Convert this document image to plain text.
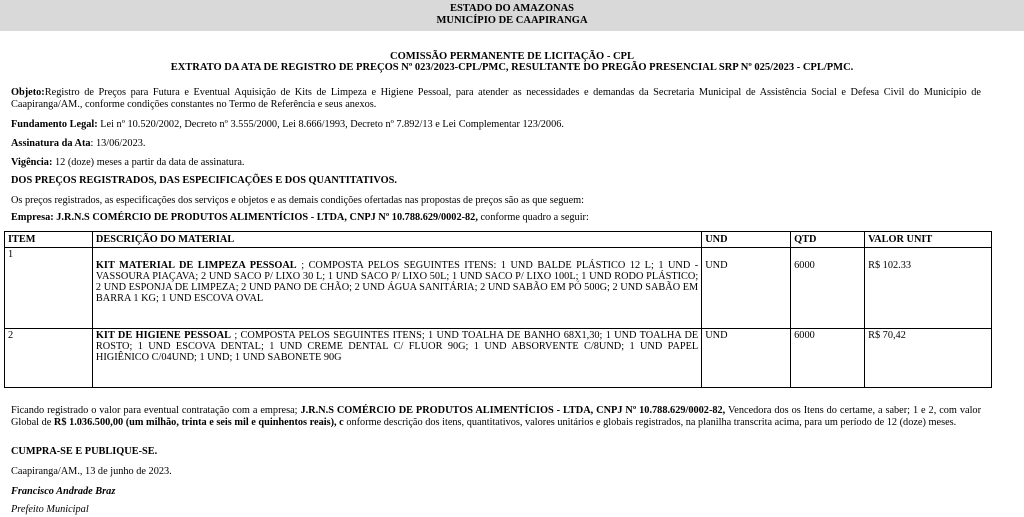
ESTADO DO AMAZONAS
MUNICÍPIO DE CAAPIRANGA
COMISSÃO PERMANENTE DE LICITAÇÃO - CPL
EXTRATO DA ATA DE REGISTRO DE PREÇOS Nº 023/2023-CPL/PMC, RESULTANTE DO PREGÃO PRESENCIAL SRP Nº 025/2023 - CPL/PMC.
Objeto:Registro de Preços para Futura e Eventual Aquisição de Kits de Limpeza e Higiene Pessoal, para atender as necessidades e demandas da Secretaria Municipal de Assistência Social e Defesa Civil do Município de Caapiranga/AM., conforme condições constantes no Termo de Referência e seus anexos.
Fundamento Legal: Lei nº 10.520/2002, Decreto nº 3.555/2000, Lei 8.666/1993, Decreto nº 7.892/13 e Lei Complementar 123/2006.
Assinatura da Ata: 13/06/2023.
Vigência: 12 (doze) meses a partir da data de assinatura.
DOS PREÇOS REGISTRADOS, DAS ESPECIFICAÇÕES E DOS QUANTITATIVOS.
Os preços registrados, as especificações dos serviços e objetos e as demais condições ofertadas nas propostas de preços são as que seguem:
Empresa: J.R.N.S COMÉRCIO DE PRODUTOS ALIMENTÍCIOS - LTDA, CNPJ Nº 10.788.629/0002-82, conforme quadro a seguir:
ITEM	DESCRIÇÃO DO MATERIAL	UND	QTD	VALOR UNIT
1	KIT MATERIAL DE LIMPEZA PESSOAL ; COMPOSTA PELOS SEGUINTES ITENS: 1 UND BALDE PLÁSTICO 12 L; 1 UND - VASSOURA PIAÇAVA; 2 UND SACO P/ LIXO 30 L; 1 UND SACO P/ LIXO 50L; 1 UND SACO P/ LIXO 100L; 1 UND RODO PLÁSTICO; 2 UND ESPONJA DE LIMPEZA; 2 UND PANO DE CHÃO; 2 UND ÁGUA SANITÁRIA; 2 UND SABÃO EM PÓ 500G; 2 UND SABÃO EM BARRA 1 KG; 1 UND ESCOVA OVAL	UND	6000	R$ 102.33
2	KIT DE HIGIENE PESSOAL ; COMPOSTA PELOS SEGUINTES ITENS; 1 UND TOALHA DE BANHO 68X1,30; 1 UND TOALHA DE ROSTO; 1 UND ESCOVA DENTAL; 1 UND CREME DENTAL C/ FLUOR 90G; 1 UND ABSORVENTE C/8UND; 1 UND PAPEL HIGIÊNICO C/04UND; 1 UND; 1 UND SABONETE 90G	UND	6000	R$ 70,42
Ficando registrado o valor para eventual contratação com a empresa; J.R.N.S COMÉRCIO DE PRODUTOS ALIMENTÍCIOS - LTDA, CNPJ Nº 10.788.629/0002-82, Vencedora dos os Itens do certame, a saber; 1 e 2, com valor Global de R$ 1.036.500,00 (um milhão, trinta e seis mil e quinhentos reais), c onforme descrição dos itens, quantitativos, valores unitários e globais registrados, na planilha transcrita acima, para um período de 12 (doze) meses.
CUMPRA-SE E PUBLIQUE-SE.
Caapiranga/AM., 13 de junho de 2023.
Francisco Andrade Braz
Prefeito Municipal
